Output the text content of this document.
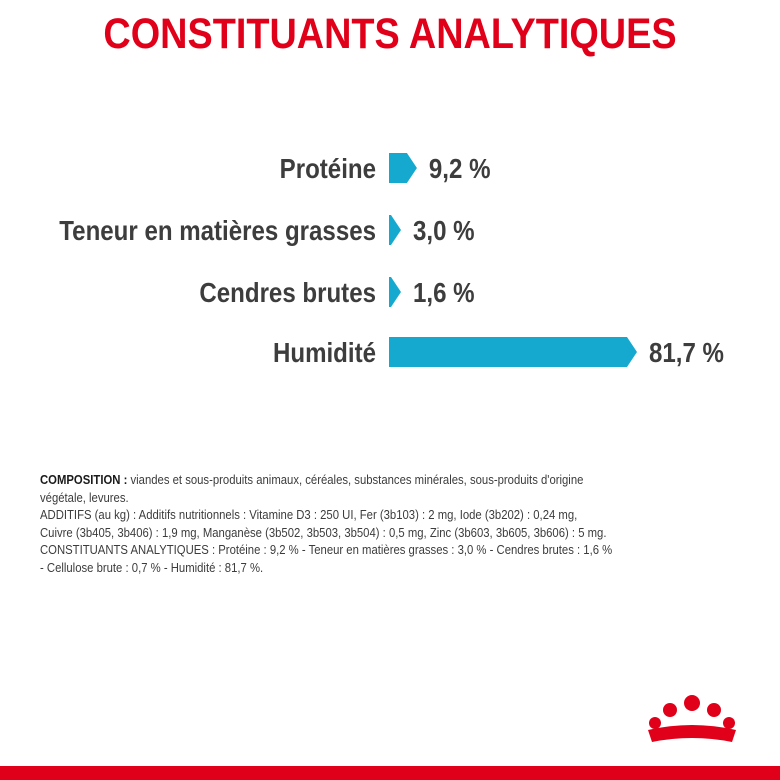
CONSTITUANTS ANALYTIQUES
Protéine 9,2 %
Teneur en matières grasses 3,0 %
Cendres brutes 1,6 %
Humidité	81,7 %
COMPOSITION : viandes et sous-produits animaux, céréales, substances minérales, sous-produits d'origine
végétale, levures.
ADDITIFS (au kg) : Additifs nutritionnels : Vitamine D3 : 250 UI, Fer (3b103) : 2 mg, Iode (3b202) : 0,24 mg,
Cuivre (3b405, 3b406) : 1,9 mg, Manganèse (3b502, 3b503, 3b504) : 0,5 mg, Zinc (3b603, 3b605, 3b606) : 5 mg.
CONSTITUANTS ANALYTIQUES : Protéine : 9,2 % - Teneur en matières grasses : 3,0 % - Cendres brutes : 1,6 %
- Cellulose brute : 0,7 % - Humidité : 81,7 %.
